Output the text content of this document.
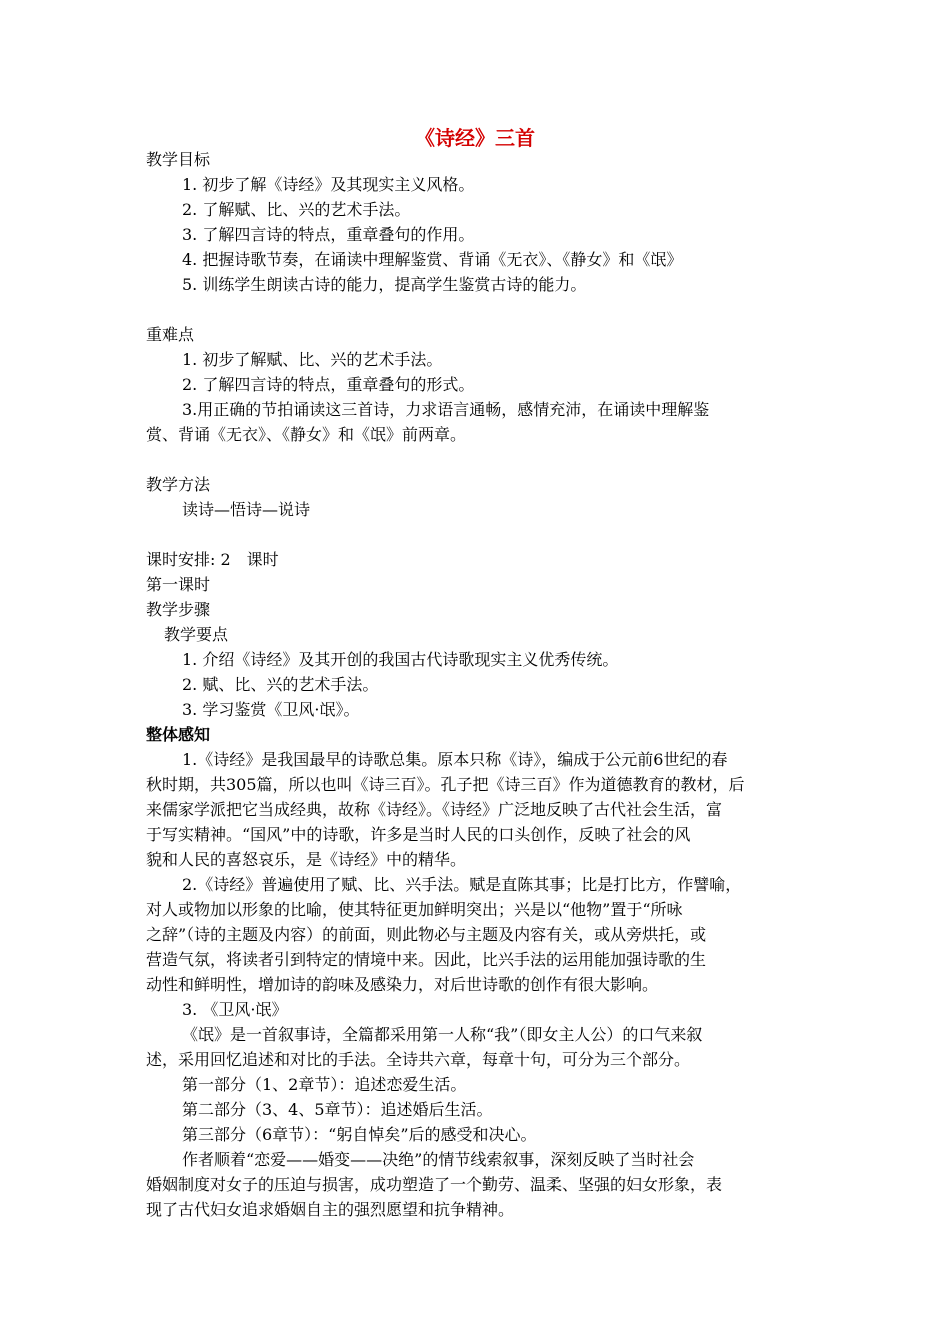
《诗经》三首
教学目标
1. 初步了解《诗经》及其现实主义风格。
2. 了解赋、比、兴的艺术手法。
3. 了解四言诗的特点，重章叠句的作用。
4. 把握诗歌节奏，在诵读中理解鉴赏、背诵《无衣》、《静女》和《氓》
5. 训练学生朗读古诗的能力，提高学生鉴赏古诗的能力。
重难点
1. 初步了解赋、比、兴的艺术手法。
2. 了解四言诗的特点，重章叠句的形式。
3.用正确的节拍诵读这三首诗，力求语言通畅，感情充沛，在诵读中理解鉴
赏、背诵《无衣》、《静女》和《氓》前两章。
教学方法
读诗—悟诗—说诗
课时安排: 2　课时
第一课时
教学步骤
教学要点
1. 介绍《诗经》及其开创的我国古代诗歌现实主义优秀传统。
2. 赋、比、兴的艺术手法。
3. 学习鉴赏《卫风·氓》。
整体感知
1.《诗经》是我国最早的诗歌总集。原本只称《诗》，编成于公元前6世纪的春
秋时期，共305篇，所以也叫《诗三百》。孔子把《诗三百》作为道德教育的教材，后
来儒家学派把它当成经典，故称《诗经》。《诗经》广泛地反映了古代社会生活，富
于写实精神。“国风”中的诗歌，许多是当时人民的口头创作，反映了社会的风
貌和人民的喜怒哀乐，是《诗经》中的精华。
2.《诗经》普遍使用了赋、比、兴手法。赋是直陈其事；比是打比方，作譬喻，
对人或物加以形象的比喻，使其特征更加鲜明突出；兴是以“他物”置于“所咏
之辞”（诗的主题及内容）的前面，则此物必与主题及内容有关，或从旁烘托，或
营造气氛，将读者引到特定的情境中来。因此，比兴手法的运用能加强诗歌的生
动性和鲜明性，增加诗的韵味及感染力，对后世诗歌的创作有很大影响。
3. 《卫风·氓》
《氓》是一首叙事诗，全篇都采用第一人称“我”（即女主人公）的口气来叙
述，采用回忆追述和对比的手法。全诗共六章，每章十句，可分为三个部分。
第一部分（1、2章节）：追述恋爱生活。
第二部分（3、4、5章节）：追述婚后生活。
第三部分（6章节）：“躬自悼矣”后的感受和决心。
作者顺着“恋爱——婚变——决绝”的情节线索叙事，深刻反映了当时社会
婚姻制度对女子的压迫与损害，成功塑造了一个勤劳、温柔、坚强的妇女形象，表
现了古代妇女追求婚姻自主的强烈愿望和抗争精神。
